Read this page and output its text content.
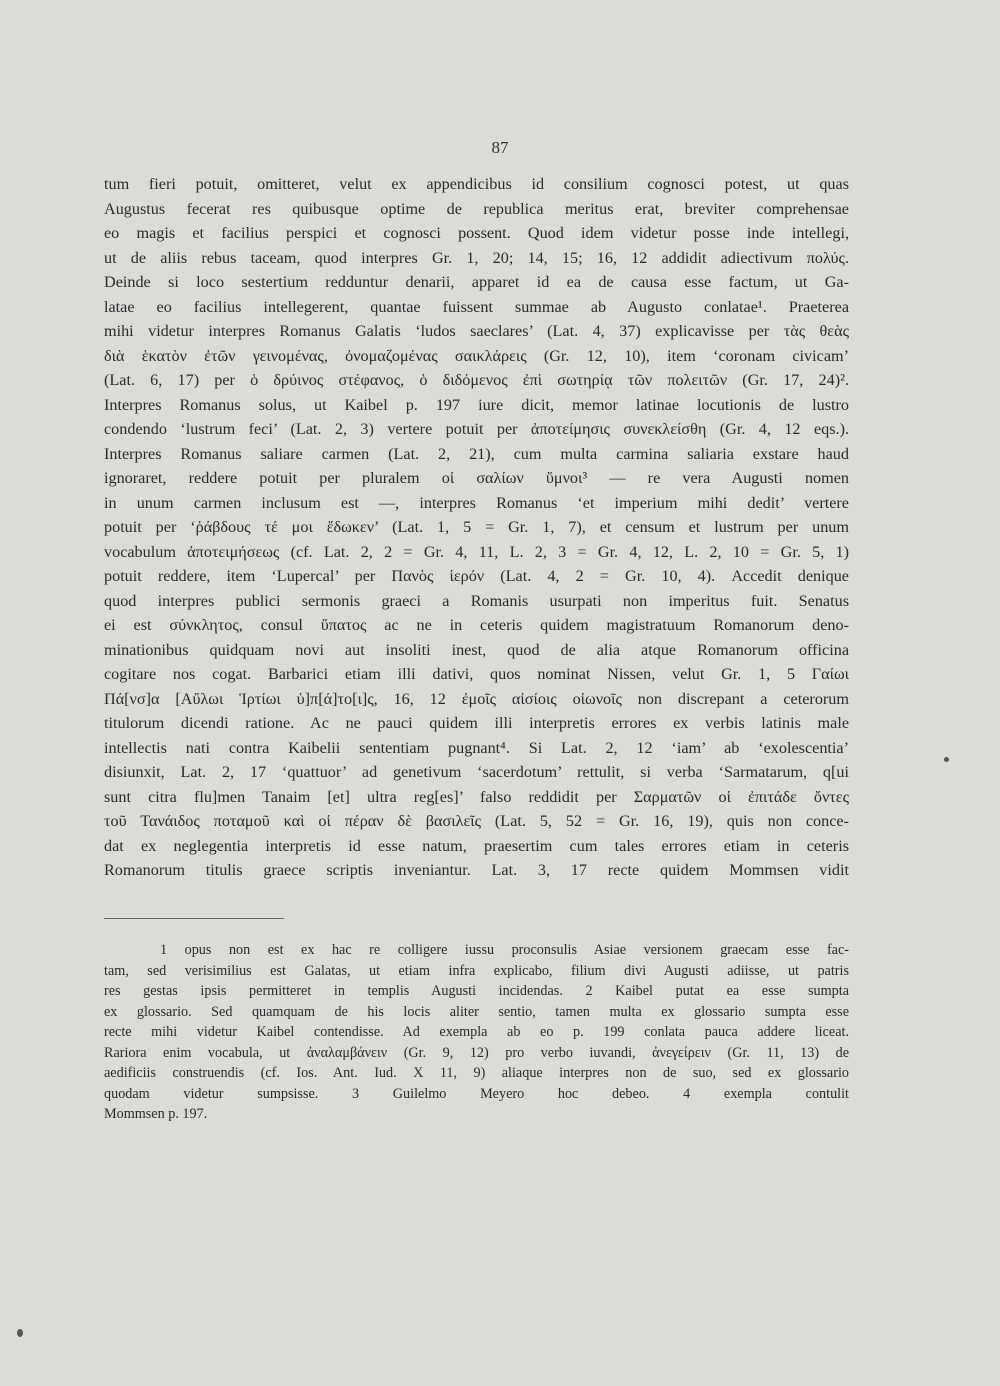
87
tum fieri potuit, omitteret, velut ex appendicibus id consilium cognosci potest, ut quas
Augustus fecerat res quibusque optime de republica meritus erat, breviter comprehensae
eo magis et facilius perspici et cognosci possent. Quod idem videtur posse inde intellegi,
ut de aliis rebus taceam, quod interpres Gr. 1, 20; 14, 15; 16, 12 addidit adiectivum πολύς.
Deinde si loco sestertium redduntur denarii, apparet id ea de causa esse factum, ut Ga-
latae eo facilius intellegerent, quantae fuissent summae ab Augusto conlatae¹. Praeterea
mihi videtur interpres Romanus Galatis ‘ludos saeclares’ (Lat. 4, 37) explicavisse per τὰς θεὰς
διὰ ἑκατὸν ἐτῶν γεινομένας, ὀνομαζομένας σαικλάρεις (Gr. 12, 10), item ‘coronam civicam’
(Lat. 6, 17) per ὁ δρύινος στέφανος, ὁ διδόμενος ἐπὶ σωτηρίᾳ τῶν πολειτῶν (Gr. 17, 24)².
Interpres Romanus solus, ut Kaibel p. 197 iure dicit, memor latinae locutionis de lustro
condendo ‘lustrum feci’ (Lat. 2, 3) vertere potuit per ἀποτείμησις συνεκλείσθη (Gr. 4, 12 eqs.).
Interpres Romanus saliare carmen (Lat. 2, 21), cum multa carmina saliaria exstare haud
ignoraret, reddere potuit per pluralem οἱ σαλίων ὕμνοι³ — re vera Augusti nomen
in unum carmen inclusum est —, interpres Romanus ‘et imperium mihi dedit’ vertere
potuit per ‘ῥάβδους τέ μοι ἔδωκεν’ (Lat. 1, 5 = Gr. 1, 7), et censum et lustrum per unum
vocabulum ἀποτειμήσεως (cf. Lat. 2, 2 = Gr. 4, 11, L. 2, 3 = Gr. 4, 12, L. 2, 10 = Gr. 5, 1)
potuit reddere, item ‘Lupercal’ per Πανὸς ἱερόν (Lat. 4, 2 = Gr. 10, 4). Accedit denique
quod interpres publici sermonis graeci a Romanis usurpati non imperitus fuit. Senatus
ei est σύνκλητος, consul ὕπατος ac ne in ceteris quidem magistratuum Romanorum deno-
minationibus quidquam novi aut insoliti inest, quod de alia atque Romanorum officina
cogitare nos cogat. Barbarici etiam illi dativi, quos nominat Nissen, velut Gr. 1, 5 Γαίωι
Πά[νσ]α [Αὔλωι Ἱρτίωι ὑ]π[ά]το[ι]ς, 16, 12 ἐμοῖς αἰσίοις οἰωνοῖς non discrepant a ceterorum
titulorum dicendi ratione. Ac ne pauci quidem illi interpretis errores ex verbis latinis male
intellectis nati contra Kaibelii sententiam pugnant⁴. Si Lat. 2, 12 ‘iam’ ab ‘exolescentia’
disiunxit, Lat. 2, 17 ‘quattuor’ ad genetivum ‘sacerdotum’ rettulit, si verba ‘Sarmatarum, q[ui
sunt citra flu]men Tanaim [et] ultra reg[es]’ falso reddidit per Σαρματῶν οἱ ἐπιτάδε ὄντες
τοῦ Τανάιδος ποταμοῦ καὶ οἱ πέραν δὲ βασιλεῖς (Lat. 5, 52 = Gr. 16, 19), quis non conce-
dat ex neglegentia interpretis id esse natum, praesertim cum tales errores etiam in ceteris
Romanorum titulis graece scriptis inveniantur. Lat. 3, 17 recte quidem Mommsen vidit
1 opus non est ex hac re colligere iussu proconsulis Asiae versionem graecam esse fac-
tam, sed verisimilius est Galatas, ut etiam infra explicabo, filium divi Augusti adiisse, ut patris
res gestas ipsis permitteret in templis Augusti incidendas. 2 Kaibel putat ea esse sumpta
ex glossario. Sed quamquam de his locis aliter sentio, tamen multa ex glossario sumpta esse
recte mihi videtur Kaibel contendisse. Ad exempla ab eo p. 199 conlata pauca addere liceat.
Rariora enim vocabula, ut ἀναλαμβάνειν (Gr. 9, 12) pro verbo iuvandi, ἀνεγείρειν (Gr. 11, 13) de
aedificiis construendis (cf. Ios. Ant. Iud. X 11, 9) aliaque interpres non de suo, sed ex glossario
quodam videtur sumpsisse. 3 Guilelmo Meyero hoc debeo. 4 exempla contulit
Mommsen p. 197.
